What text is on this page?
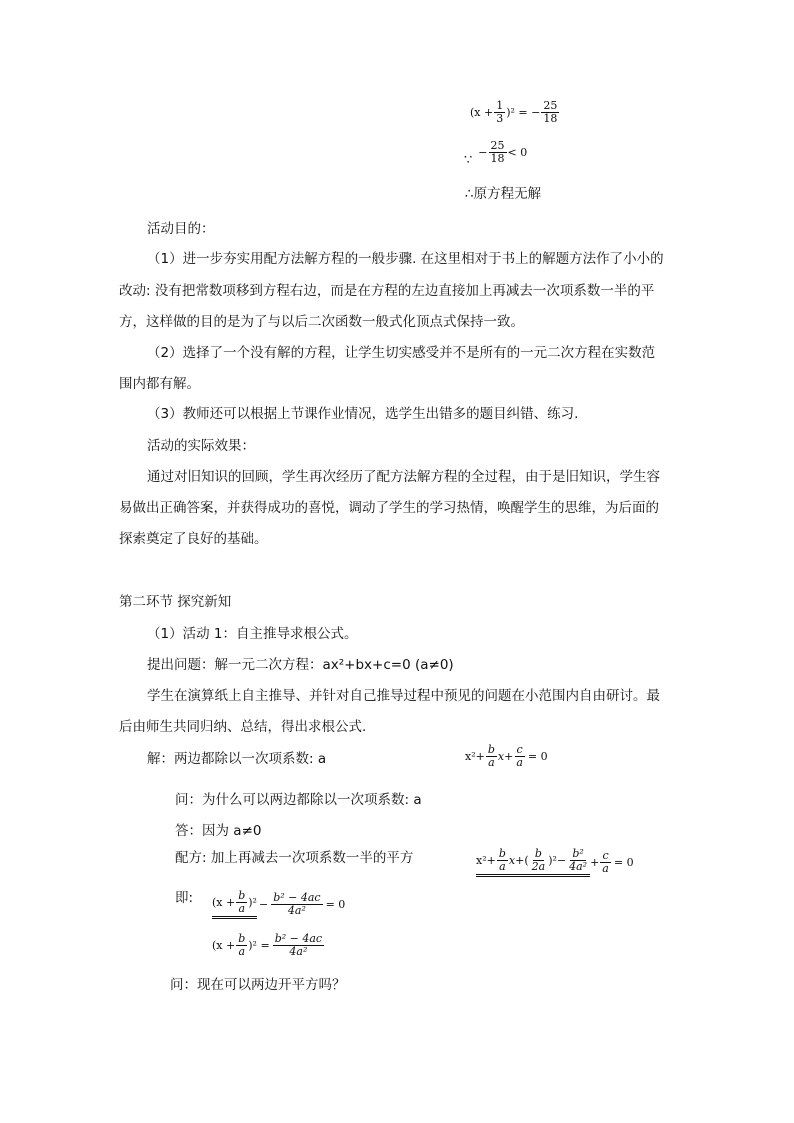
$(x + \frac{1}{3} )^2$ = − $\frac{25}{18}$
∵
− $\frac{25}{18} < 0$
∴原方程无解
活动目的：
（1）进一步夯实用配方法解方程的一般步骤. 在这里相对于书上的解题方法作了小小的
改动: 没有把常数项移到方程右边，而是在方程的左边直接加上再减去一次项系数一半的平
方，这样做的目的是为了与以后二次函数一般式化顶点式保持一致。
（2）选择了一个没有解的方程，让学生切实感受并不是所有的一元二次方程在实数范
围内都有解。
（3）教师还可以根据上节课作业情况，选学生出错多的题目纠错、练习.
活动的实际效果：
通过对旧知识的回顾，学生再次经历了配方法解方程的全过程，由于是旧知识，学生容
易做出正确答案，并获得成功的喜悦，调动了学生的学习热情，唤醒学生的思维，为后面的
探索奠定了良好的基础。
第二环节 探究新知
（1）活动 1：自主推导求根公式。
提出问题：解一元二次方程：ax²+bx+c=0 (a≠0)
学生在演算纸上自主推导、并针对自己推导过程中预见的问题在小范围内自由研讨。最
后由师生共同归纳、总结，得出求根公式.
解：两边都除以一次项系数: a	$x^2 + \frac{b}{a}$ $x + \frac{c}{a} = 0$
问：为什么可以两边都除以一次项系数: a
答：因为 a≠0
配方: 加上再减去一次项系数一半的平方	$x^2 + \frac{b}{a}$ x +( $\frac{b}{2a} )^2 - \frac{\text{b²}}{\text{4a²}} + \frac{c}{a} = 0$
即: $(x + \frac{b}{a} )^2 - \frac{\text{b² − 4ac}}{\text{4a²}} = 0$
$(x + \frac{b}{a} )^2 = \frac{\text{b² − 4ac}}{\text{4a²}}$
问：现在可以两边开平方吗？
